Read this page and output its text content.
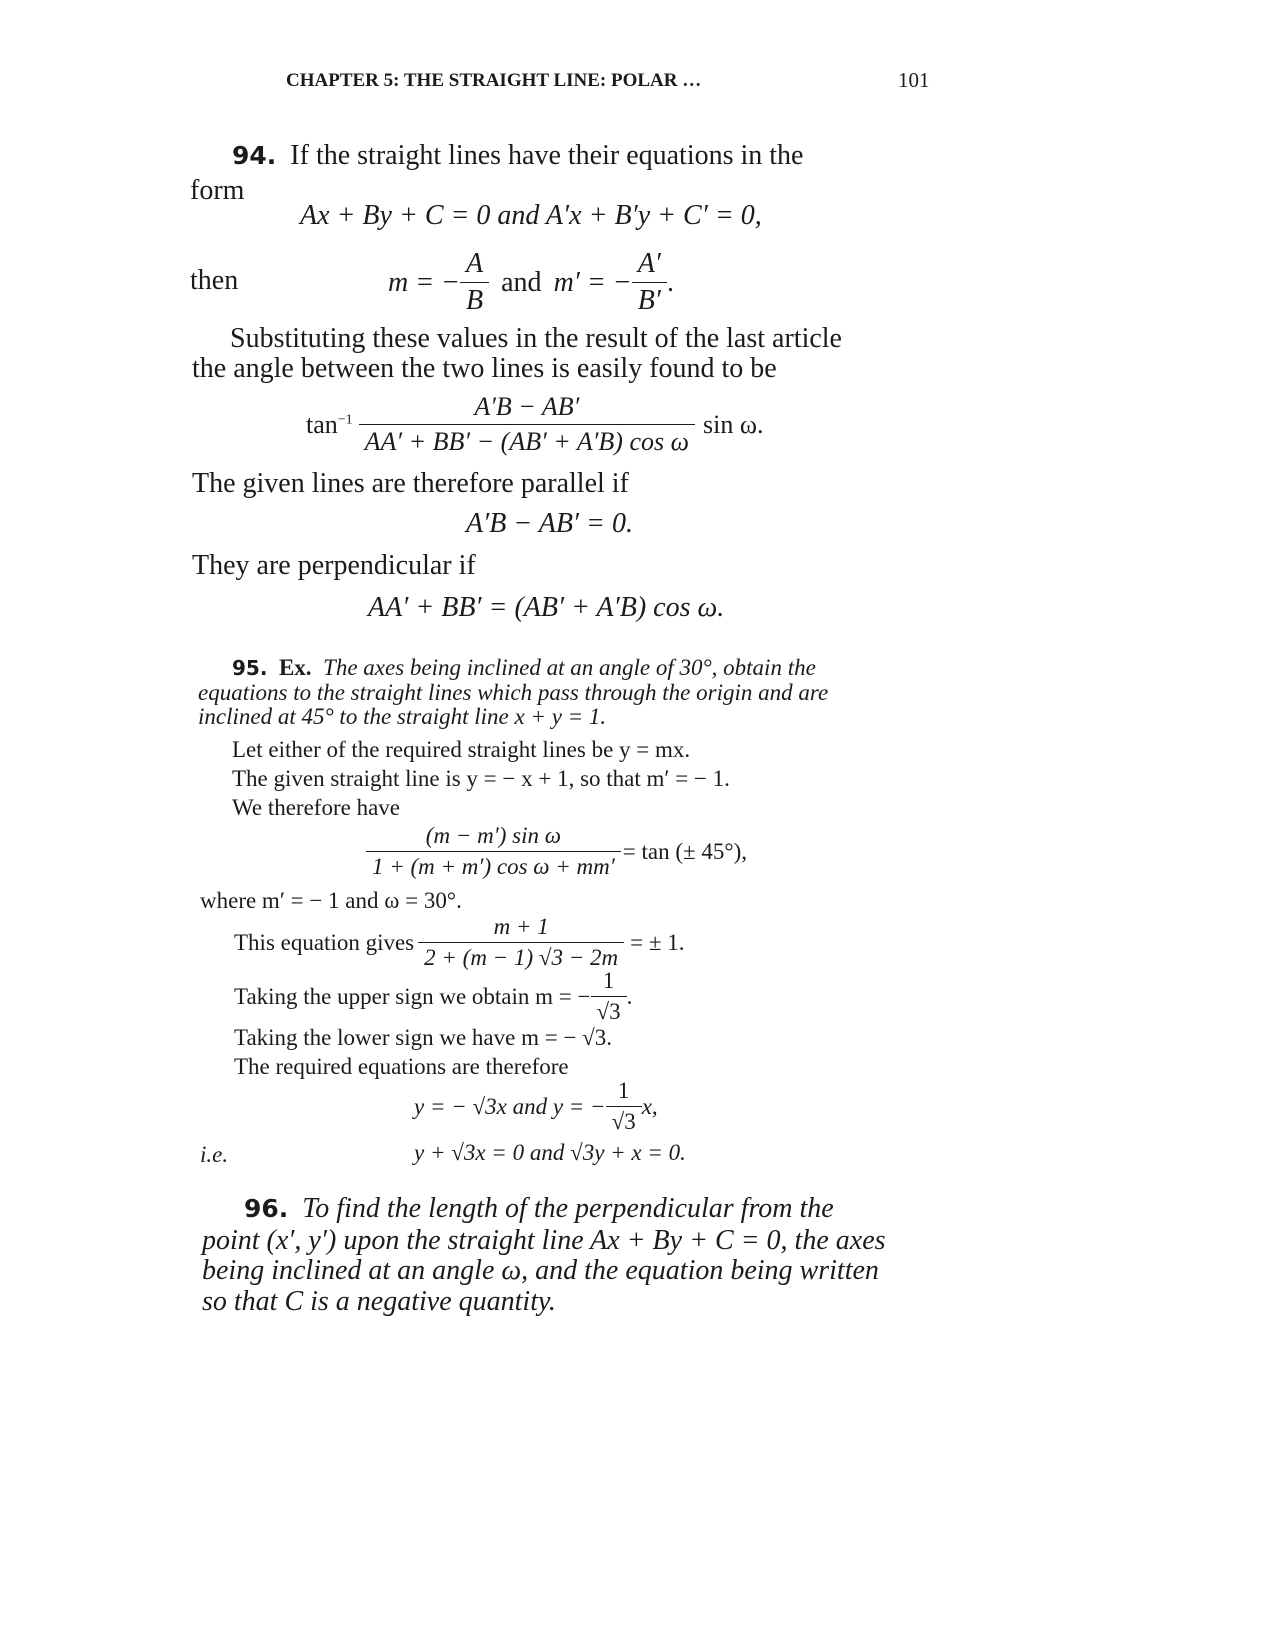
CHAPTER 5: THE STRAIGHT LINE: POLAR …	101
94. If the straight lines have their equations in the
form
Ax + By + C = 0 and A′x + B′y + C′ = 0,
then	m = − $\frac{A}{B}$ and m′ = − $\frac{A'}{B'}$ .
Substituting these values in the result of the last article
the angle between the two lines is easily found to be
$\tan^{-1} \frac{A'B - AB'}{\text{AA′ + BB′ − (AB′ + A′B) cos ω}}$ sin ω.
The given lines are therefore parallel if
A′B − AB′ = 0.
They are perpendicular if
AA′ + BB′ = (AB′ + A′B) cos ω.
95. Ex. The axes being inclined at an angle of 30°, obtain the
equations to the straight lines which pass through the origin and are
inclined at 45° to the straight line x + y = 1.
Let either of the required straight lines be y = mx.
The given straight line is y = − x + 1, so that m′ = − 1.
We therefore have
$\frac{\text{(m − m′) sin ω}}{\text{1 + (m + m′) cos ω + mm′}} = \tan$ (± 45°),
where m′ = − 1 and ω = 30°.
This equation gives $\frac{m + 1}{2 + (m - 1) √3 - 2m}$ = ± 1.
Taking the upper sign we obtain m = − $\frac{1}{√3}$ .
Taking the lower sign we have m = − √3.
The required equations are therefore
y = − √3x and y = − $\frac{1}{√3} x$,
i.e.	y + √3x = 0 and √3y + x = 0.
96. To find the length of the perpendicular from the
point (x′, y′) upon the straight line Ax + By + C = 0, the axes
being inclined at an angle ω, and the equation being written
so that C is a negative quantity.
